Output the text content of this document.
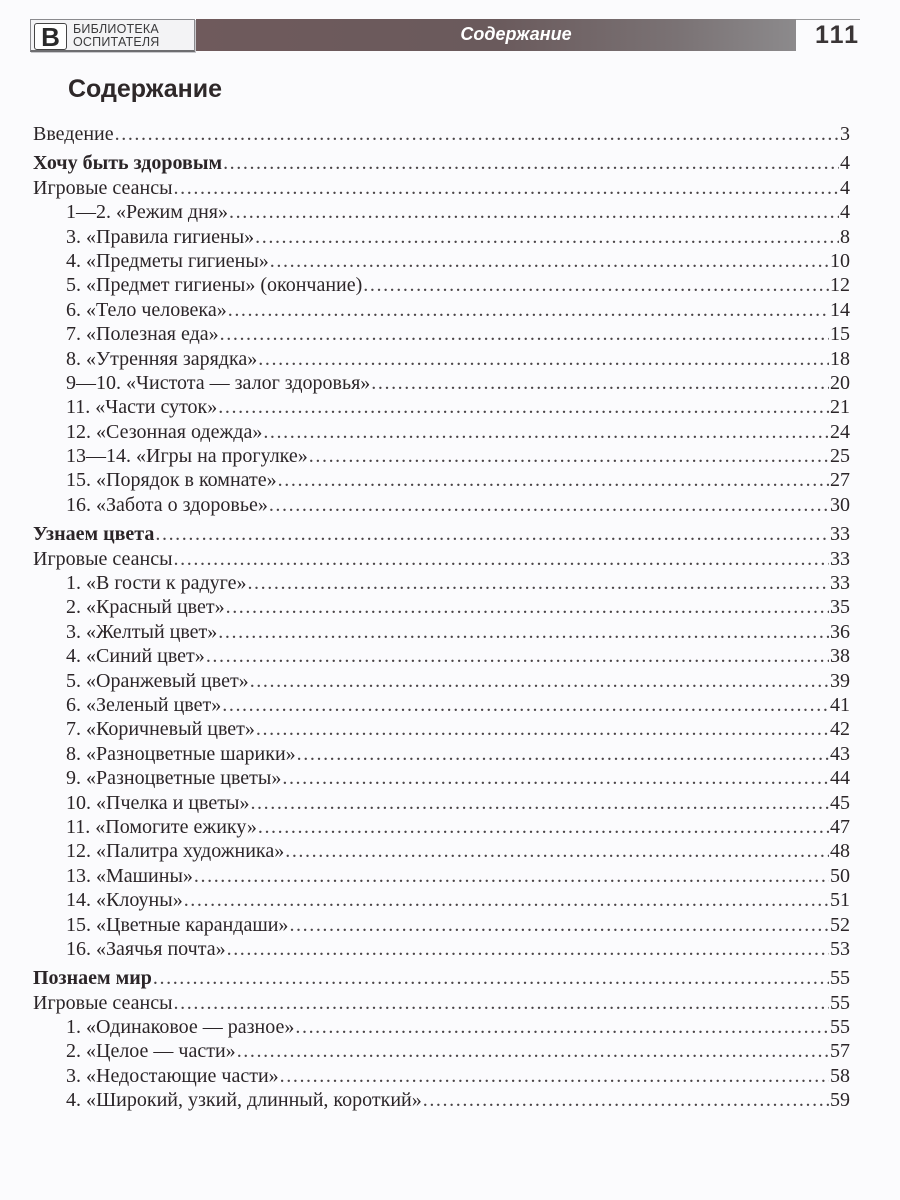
В	БИБЛИОТЕКА
ОСПИТАТЕЛЯ	Содержание	111
Содержание
Введение .....	3
Хочу быть здоровым .....	4
Игровые сеансы .....	4
1—2. «Режим дня» .....	4
3. «Правила гигиены» .....	8
4. «Предметы гигиены» .....	10
5. «Предмет гигиены» (окончание) .....	12
6. «Тело человека» .....	14
7. «Полезная еда» .....	15
8. «Утренняя зарядка» .....	18
9—10. «Чистота — залог здоровья» .....	20
11. «Части суток» .....	21
12. «Сезонная одежда» .....	24
13—14. «Игры на прогулке» .....	25
15. «Порядок в комнате» .....	27
16. «Забота о здоровье» .....	30
Узнаем цвета .....	33
Игровые сеансы .....	33
1. «В гости к радуге» .....	33
2. «Красный цвет» .....	35
3. «Желтый цвет» .....	36
4. «Синий цвет» .....	38
5. «Оранжевый цвет» .....	39
6. «Зеленый цвет» .....	41
7. «Коричневый цвет» .....	42
8. «Разноцветные шарики» .....	43
9. «Разноцветные цветы» .....	44
10. «Пчелка и цветы» .....	45
11. «Помогите ежику» .....	47
12. «Палитра художника» .....	48
13. «Машины» .....	50
14. «Клоуны» .....	51
15. «Цветные карандаши» .....	52
16. «Заячья почта» .....	53
Познаем мир .....	55
Игровые сеансы .....	55
1. «Одинаковое — разное» .....	55
2. «Целое — части» .....	57
3. «Недостающие части» .....	58
4. «Широкий, узкий, длинный, короткий» .....	59
